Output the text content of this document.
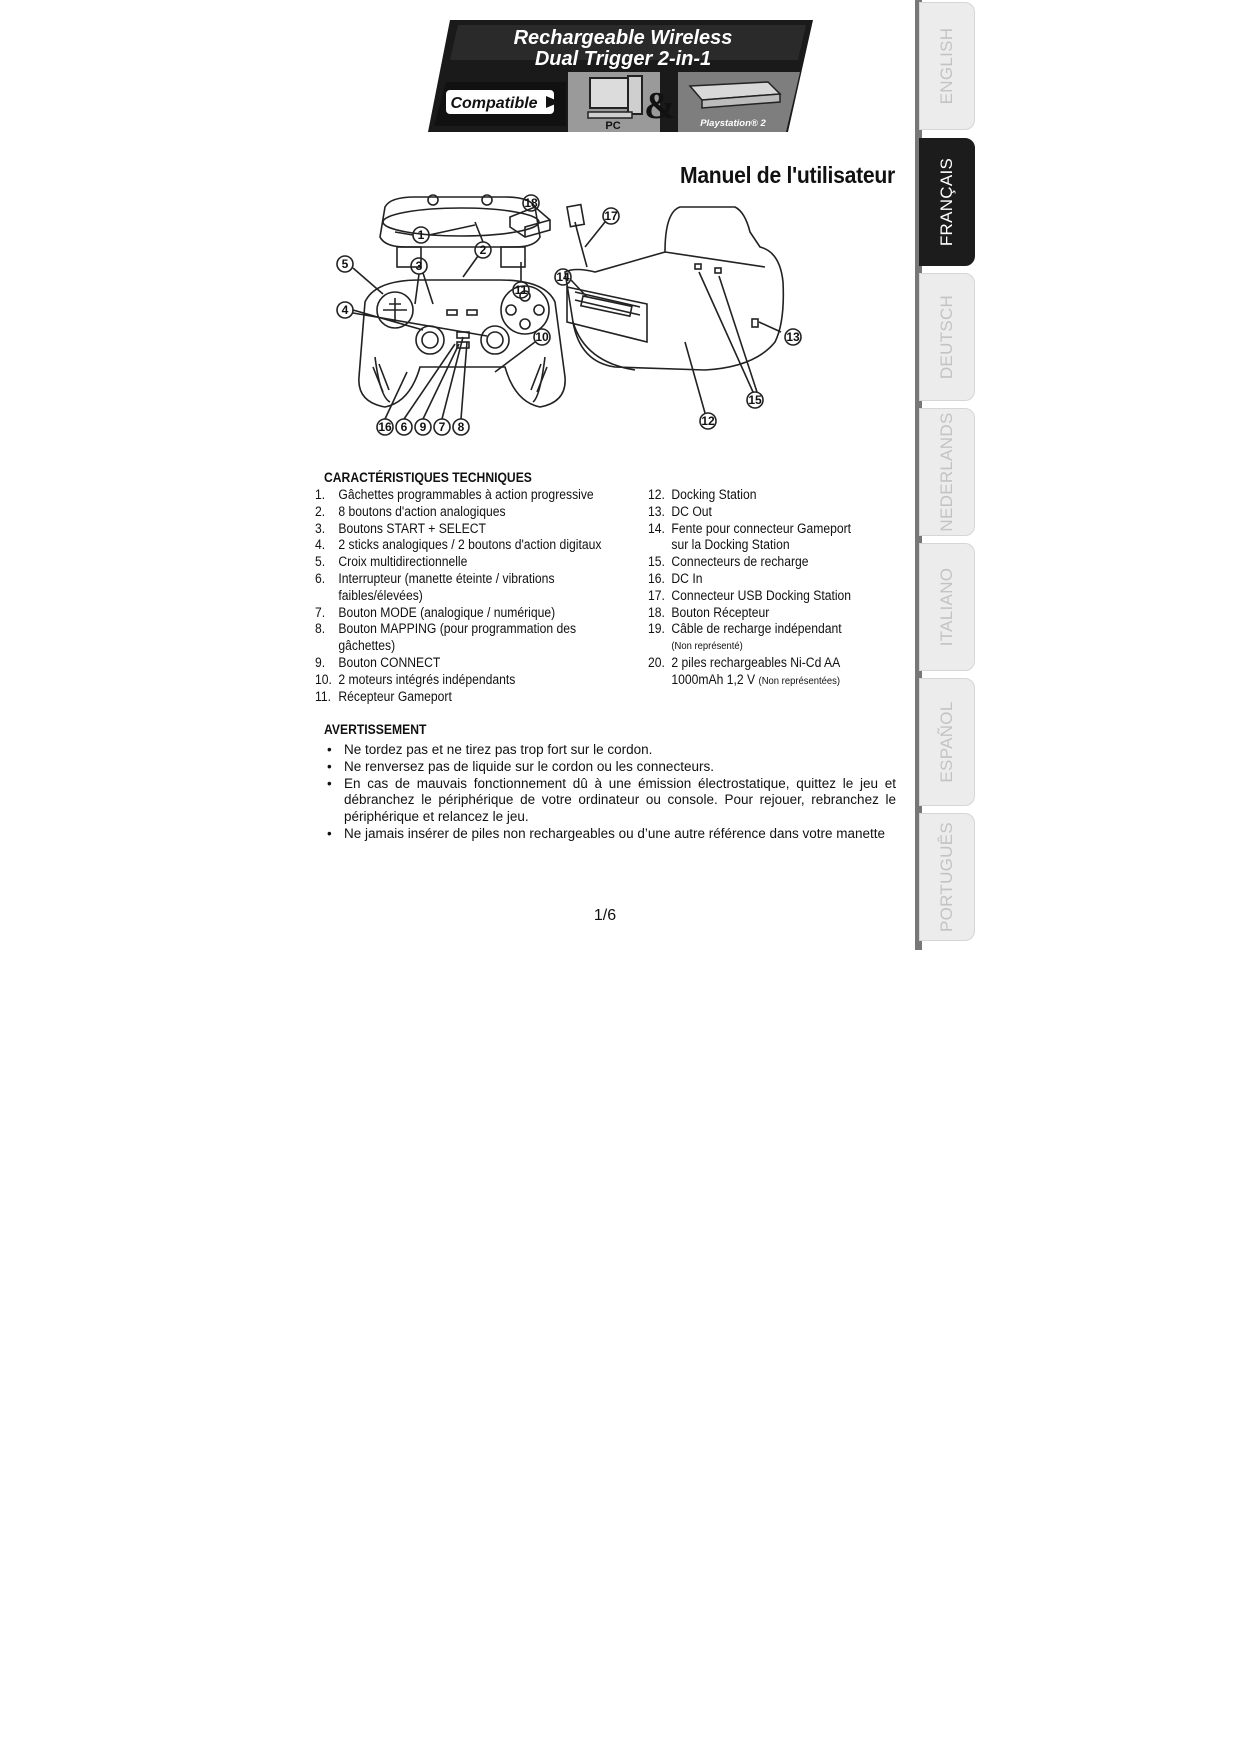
Rechargeable Wireless
Dual Trigger 2-in-1
Compatible
PC &	Playstation® 2
Manuel de l'utilisateur
1
2
3
4
5
16 6 9 7 8
10
11
18
17
14
13
15
12
ENGLISH
FRANÇAIS
DEUTSCH
NEDERLANDS
ITALIANO
ESPAÑOL
PORTUGUÊS
CARACTÉRISTIQUES TECHNIQUES
1. Gâchettes programmables à action progressive
2. 8 boutons d'action analogiques
3. Boutons START + SELECT
4. 2 sticks analogiques / 2 boutons d'action digitaux
5. Croix multidirectionnelle
6. Interrupteur (manette éteinte / vibrations
faibles/élevées)
7. Bouton MODE (analogique / numérique)
8. Bouton MAPPING (pour programmation des
gâchettes)
9. Bouton CONNECT
10. 2 moteurs intégrés indépendants
11. Récepteur Gameport
12. Docking Station
13. DC Out
14. Fente pour connecteur Gameport
sur la Docking Station
15. Connecteurs de recharge
16. DC In
17. Connecteur USB Docking Station
18. Bouton Récepteur
19. Câble de recharge indépendant
(Non représenté)
20. 2 piles rechargeables Ni-Cd AA
1000mAh 1,2 V (Non représentées)
AVERTISSEMENT
• Ne tordez pas et ne tirez pas trop fort sur le cordon.
• Ne renversez pas de liquide sur le cordon ou les connecteurs.
• En cas de mauvais fonctionnement dû à une émission électrostatique, quittez le jeu et débranchez le périphérique de votre ordinateur ou console. Pour rejouer, rebranchez le périphérique et relancez le jeu.
• Ne jamais insérer de piles non rechargeables ou d’une autre référence dans votre manette
1/6
